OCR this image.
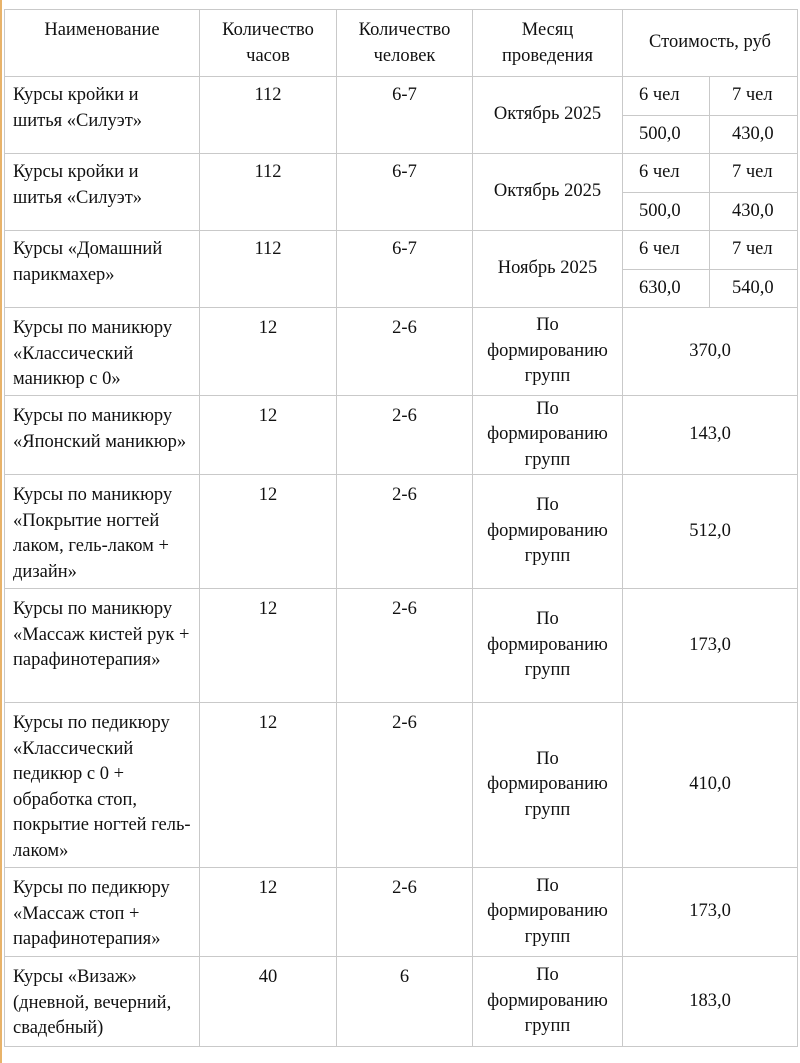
Наименование	Количество часов	Количество человек	Месяц проведения	Стоимость, руб	
Курсы кройки и шитья «Силуэт»	112	6-7	Октябрь 2025	6 чел	7 чел
				500,0	430,0
Курсы кройки и шитья «Силуэт»	112	6-7	Октябрь 2025	6 чел	7 чел
				500,0	430,0
Курсы «Домашний парикмахер»	112	6-7	Ноябрь 2025	6 чел	7 чел
				630,0	540,0
Курсы по маникюру «Классический маникюр с 0»	12	2-6	По формированию групп	370,0	
Курсы по маникюру «Японский маникюр»	12	2-6	По формированию групп	143,0	
Курсы по маникюру «Покрытие ногтей лаком, гель-лаком + дизайн»	12	2-6	По формированию групп	512,0	
Курсы по маникюру «Массаж кистей рук + парафинотерапия»	12	2-6	По формированию групп	173,0	
Курсы по педикюру «Классический педикюр с 0 + обработка стоп, покрытие ногтей гель-лаком»	12	2-6	По формированию групп	410,0	
Курсы по педикюру «Массаж стоп + парафинотерапия»	12	2-6	По формированию групп	173,0	
Курсы «Визаж» (дневной, вечерний, свадебный)	40	6	По формированию групп	183,0	
